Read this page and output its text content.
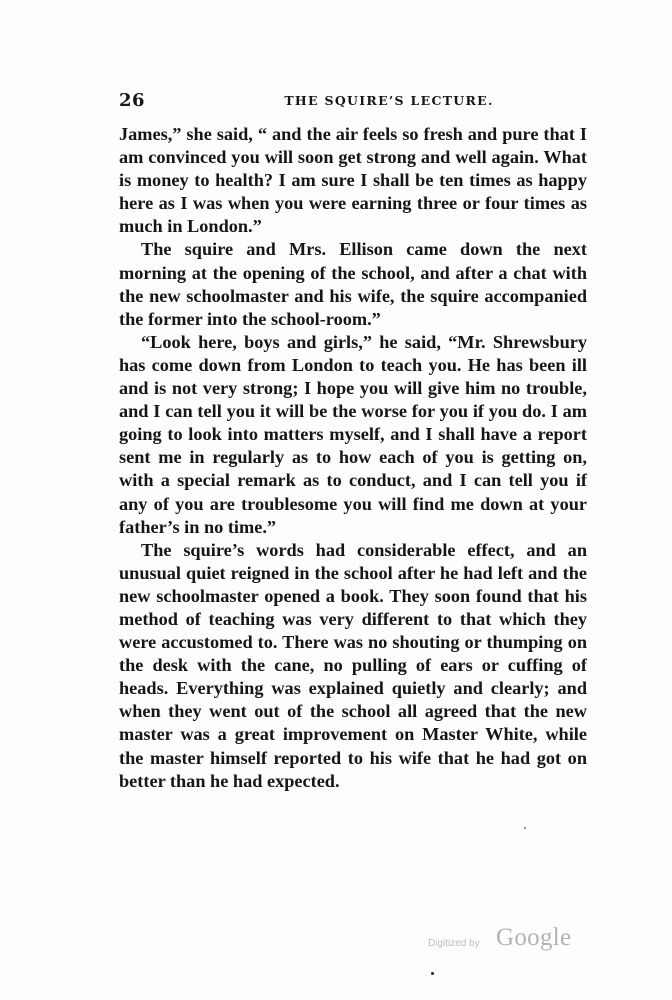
26	THE SQUIRE’S LECTURE.

James,” she said, “ and the air feels so fresh and pure that I am convinced you will soon get strong and well again. What is money to health? I am sure I shall be ten times as happy here as I was when you were earning three or four times as much in London.”

The squire and Mrs. Ellison came down the next morning at the opening of the school, and after a chat with the new schoolmaster and his wife, the squire accompanied the former into the school-room.”

“Look here, boys and girls,” he said, “Mr. Shrewsbury has come down from London to teach you. He has been ill and is not very strong; I hope you will give him no trouble, and I can tell you it will be the worse for you if you do. I am going to look into matters myself, and I shall have a report sent me in regularly as to how each of you is getting on, with a special remark as to conduct, and I can tell you if any of you are troublesome you will find me down at your father’s in no time.”

The squire’s words had considerable effect, and an unusual quiet reigned in the school after he had left and the new schoolmaster opened a book. They soon found that his method of teaching was very different to that which they were accustomed to. There was no shouting or thumping on the desk with the cane, no pulling of ears or cuffing of heads. Everything was explained quietly and clearly; and when they went out of the school all agreed that the new master was a great improvement on Master White, while the master himself reported to his wife that he had got on better than he had expected.

Digitized by Google
